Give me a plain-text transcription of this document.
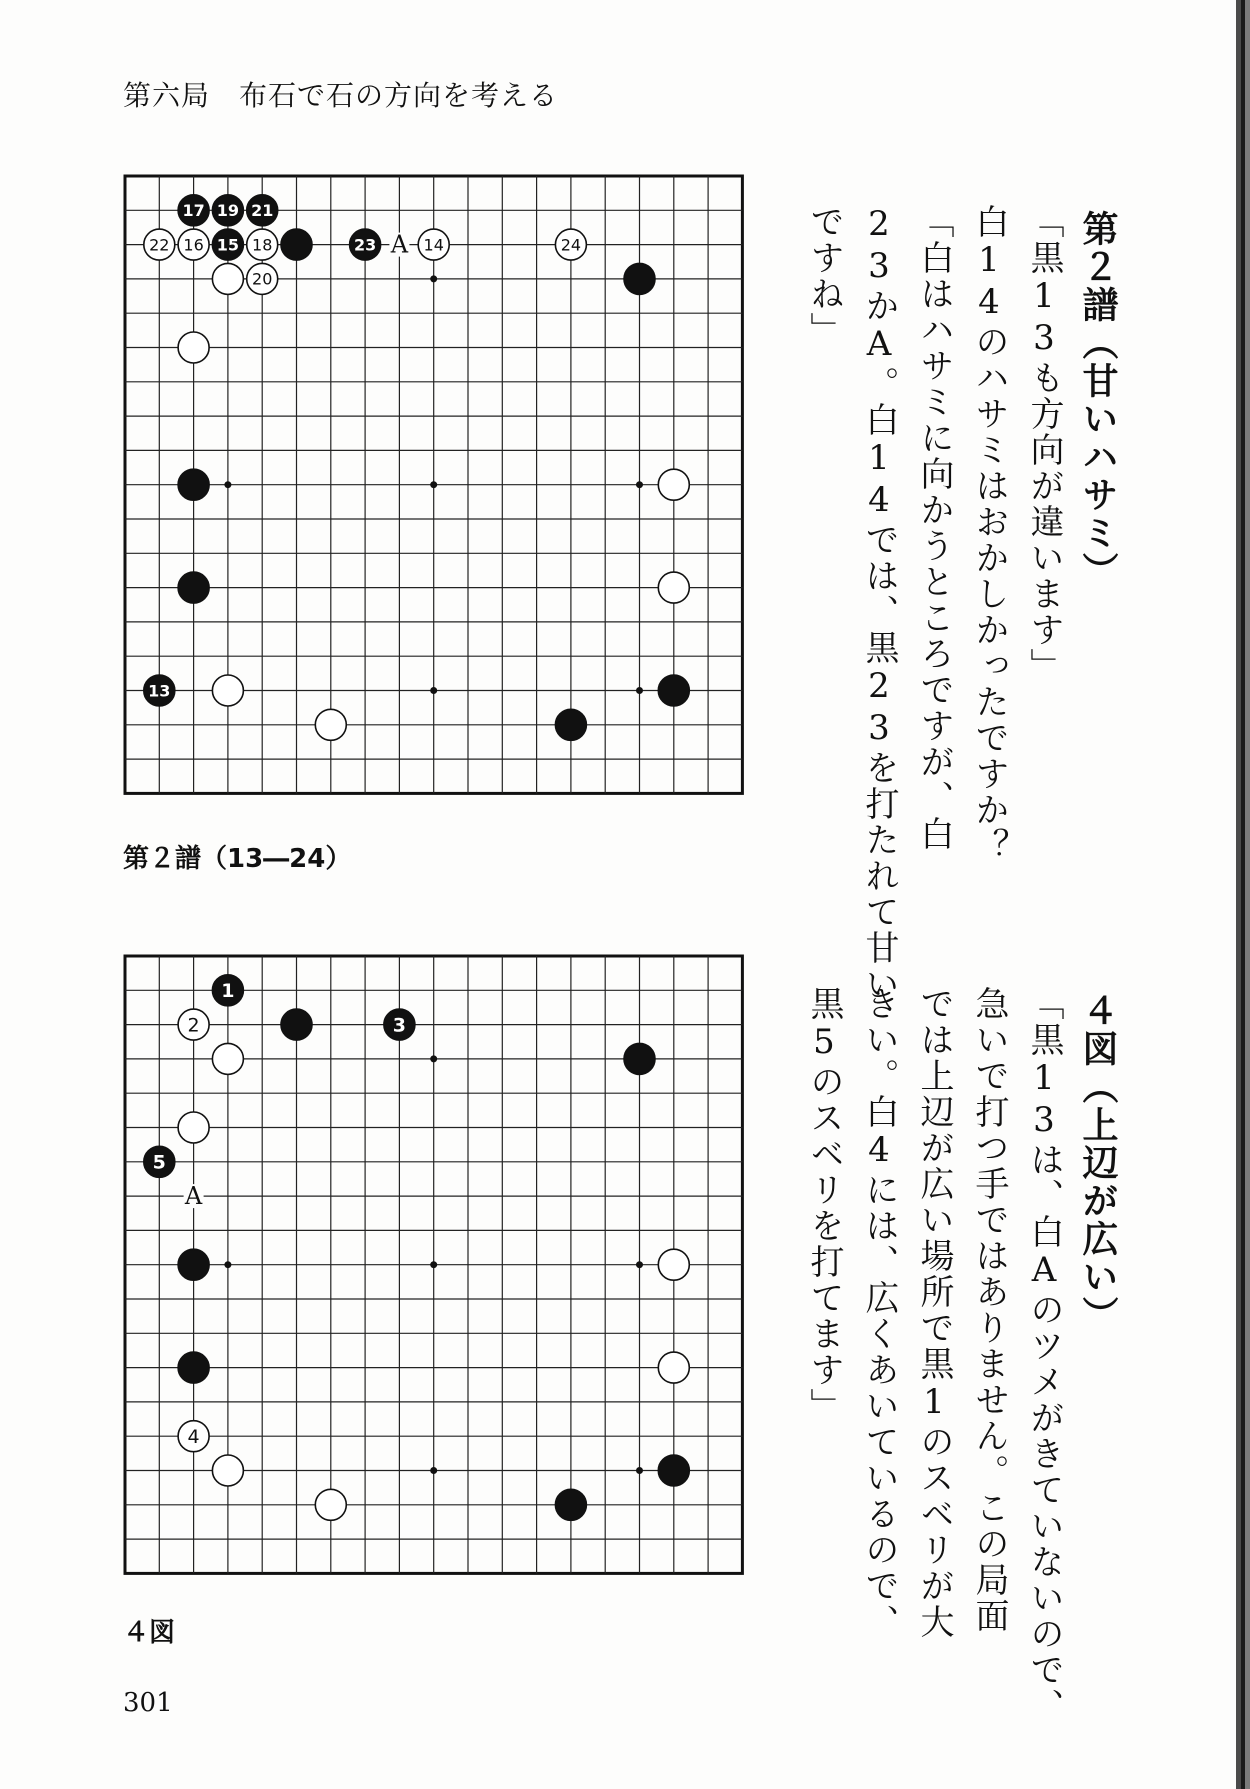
第六局　布石で石の方向を考える
A
17 19 21
22 16 15 18	23	14	24
20
13
第２譜（13―24）
第２譜（甘いハサミ）
「黒13も方向が違います」
白14のハサミはおかしかったですか？
「白はハサミに向かうところですが、白
23かA。白14では、黒23を打たれて甘い
ですね」
A
1
2	3
5
4
４図
４図（上辺が広い）
「黒13は、白Aのツメがきていないので、
急いで打つ手ではありません。この局面
では上辺が広い場所で黒1のスベリが大
きい。白4には、広くあいているので、
黒5のスベリを打てます」
301
